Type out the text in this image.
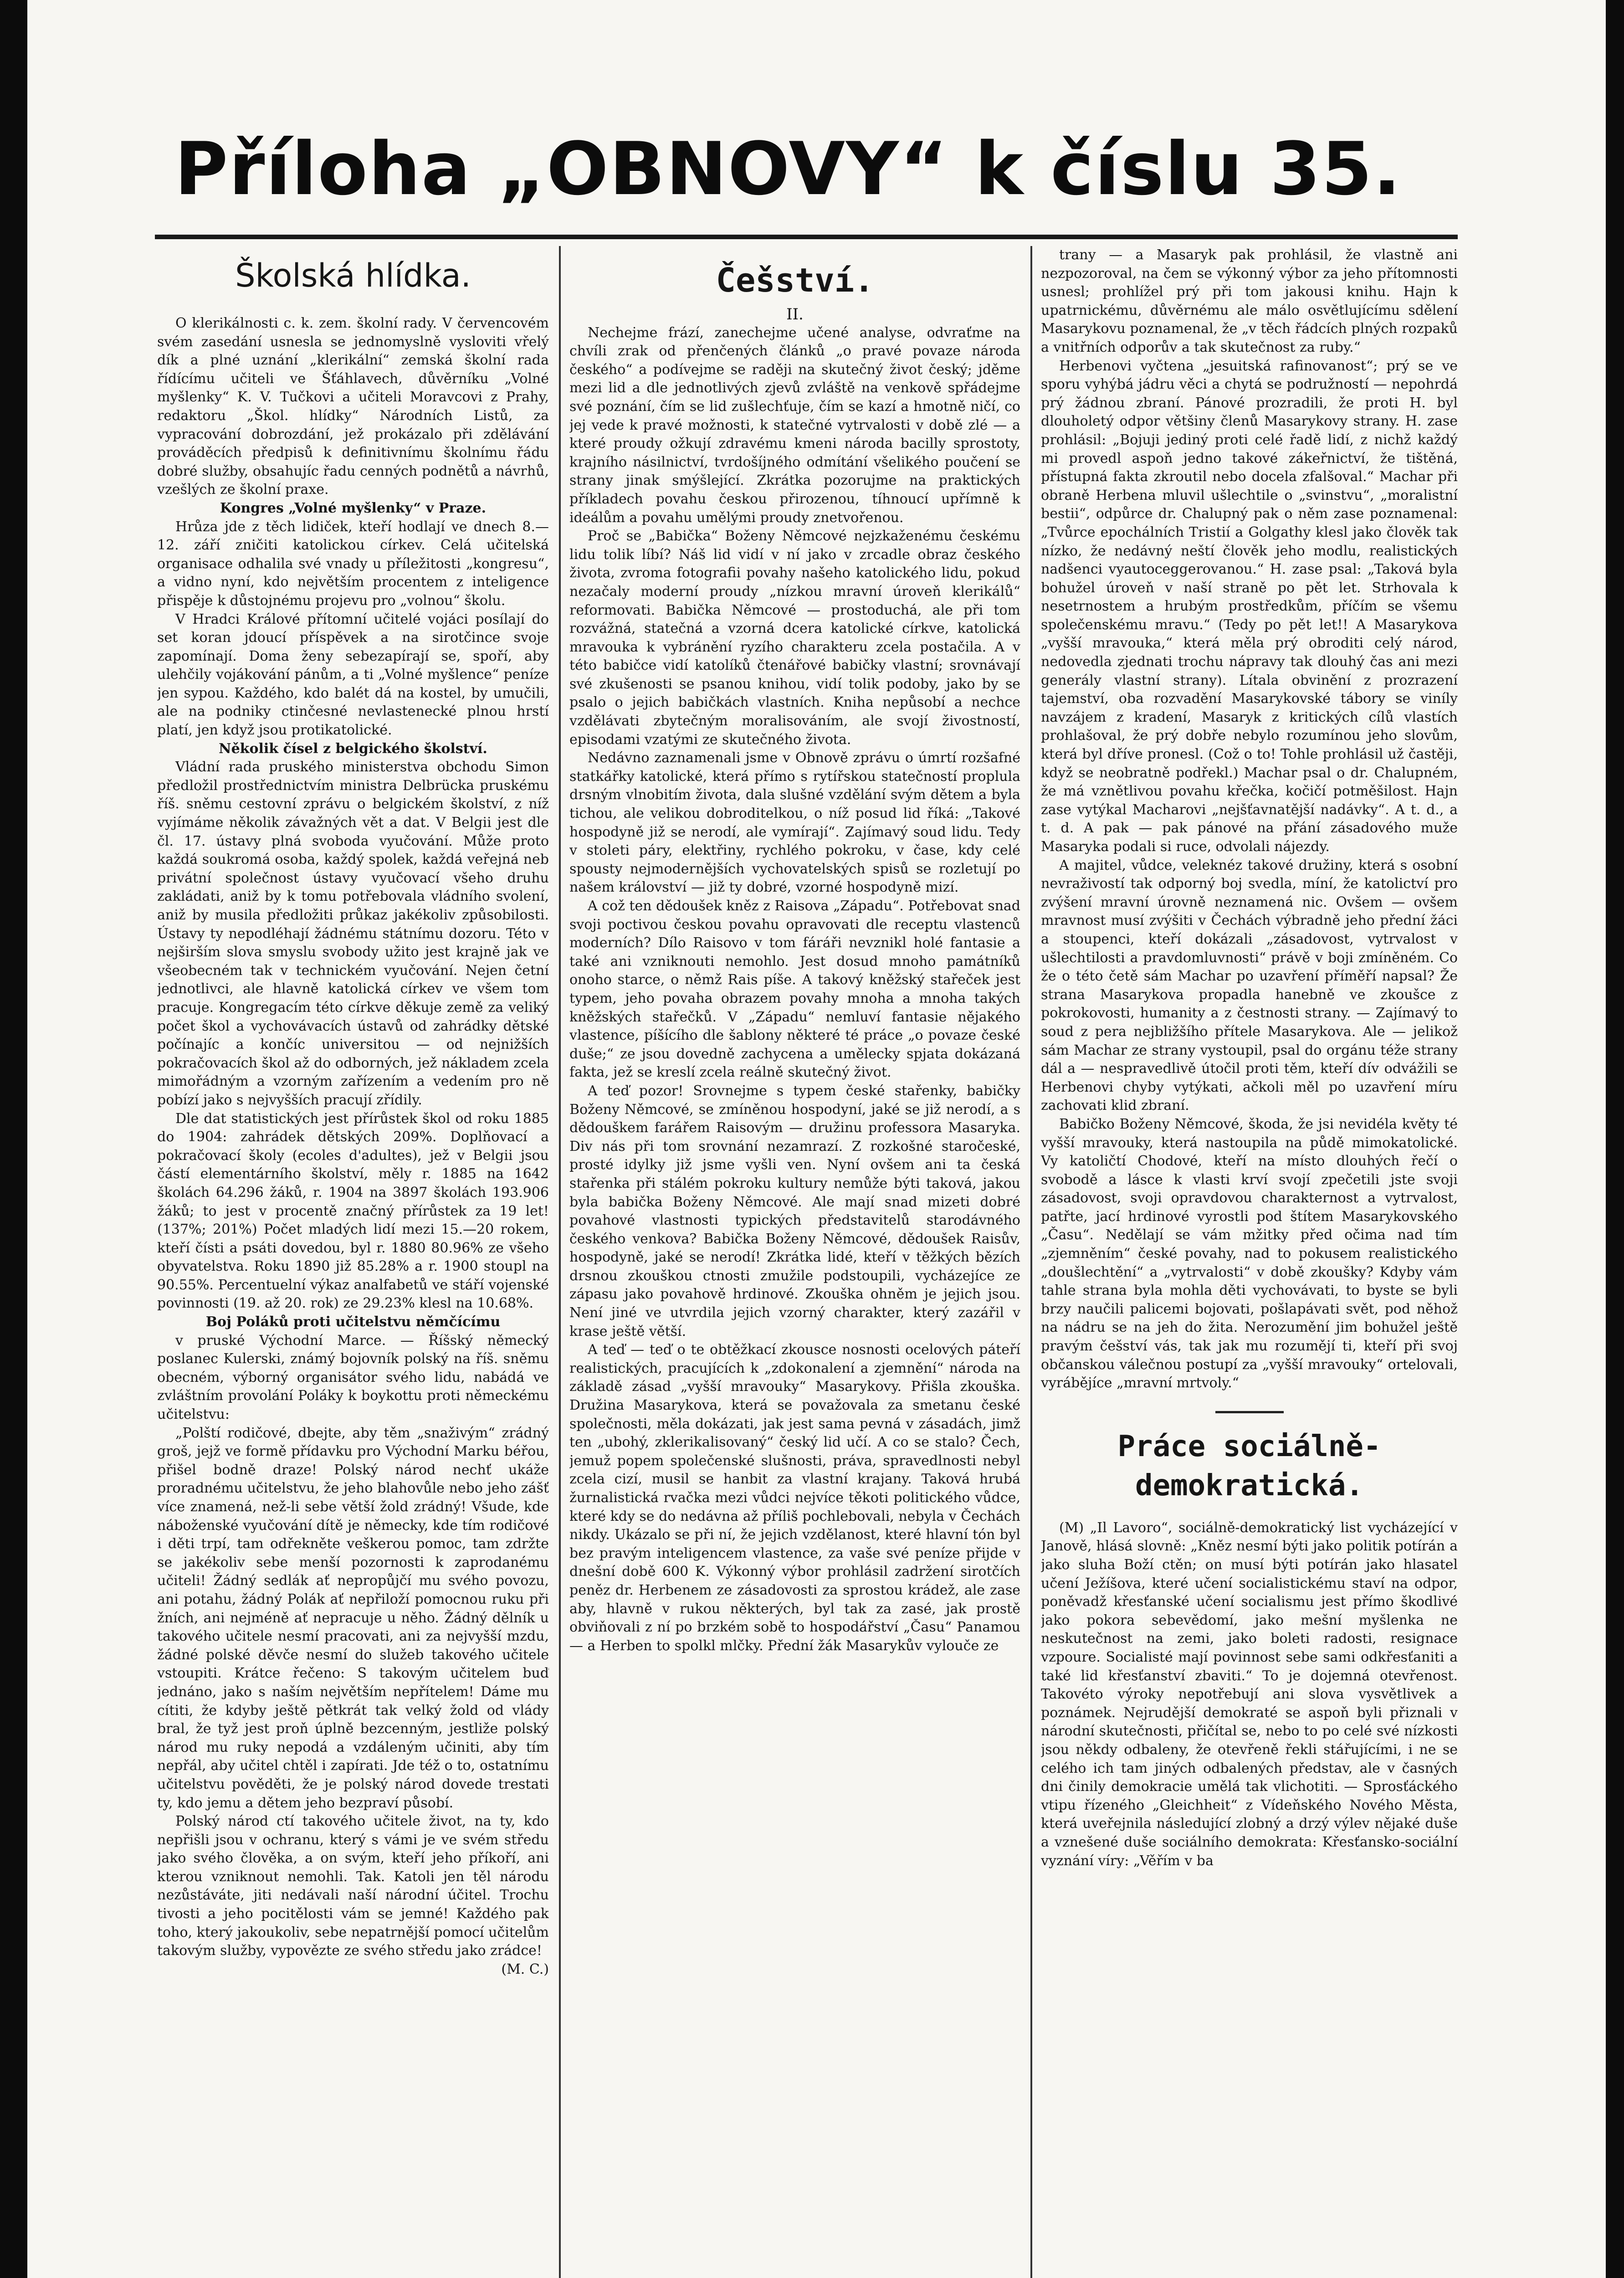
Příloha „OBNOVY“ k číslu 35.
Školská hlídka.

O klerikálnosti c. k. zem. školní rady. V červencovém svém zasedání usnesla se jednomyslně vysloviti vřelý dík a plné uznání „klerikální“ zemská školní rada řídícímu učiteli ve Šťáhlavech, důvěrníku „Volné myšlenky“ K. V. Tučkovi a učiteli Moravcovi z Prahy, redaktoru „Škol. hlídky“ Národních Listů, za vypracování dobrozdání, jež prokázalo při zdělávání prováděcích předpisů k definitivnímu školnímu řádu dobré služby, obsahujíc řadu cenných podnětů a návrhů, vzešlých ze školní praxe.

Kongres „Volné myšlenky“ v Praze.

Hrůza jde z těch lidiček, kteří hodlají ve dnech 8.—12. září zničiti katolickou církev. Celá učitelská organisace odhalila své vnady u příležitosti „kongresu“, a vidno nyní, kdo největším procentem z inteligence přispěje k důstojnému projevu pro „volnou“ školu.

V Hradci Králové přítomní učitelé vojáci posílají do set koran jdoucí příspěvek a na sirotčince svoje zapomínají. Doma ženy sebezapírají se, spoří, aby ulehčily vojákování pánům, a ti „Volné myšlence“ peníze jen sypou. Každého, kdo balét dá na kostel, by umučili, ale na podniky ctinčesné nevlastenecké plnou hrstí platí, jen když jsou protikatolické.

Několik čísel z belgického školství.

Vládní rada pruského ministerstva obchodu Simon předložil prostřednictvím ministra Delbrücka pruskému říš. sněmu cestovní zprávu o belgickém školství, z níž vyjímáme několik závažných vět a dat. V Belgii jest dle čl. 17. ústavy plná svoboda vyučování. Může proto každá soukromá osoba, každý spolek, každá veřejná neb privátní společnost ústavy vyučovací všeho druhu zakládati, aniž by k tomu potřebovala vládního svolení, aniž by musila předložiti průkaz jakékoliv způsobilosti. Ústavy ty nepodléhají žádnému státnímu dozoru. Této v nejširším slova smyslu svobody užito jest krajně jak ve všeobecném tak v technickém vyučování. Nejen četní jednotlivci, ale hlavně katolická církev ve všem tom pracuje. Kongregacím této církve děkuje země za veliký počet škol a vychovávacích ústavů od zahrádky dětské počínajíc a končíc universitou — od nejnižších pokračovacích škol až do odborných, jež nákladem zcela mimořádným a vzorným zařízením a vedením pro ně pobízí jako s nejvyšších pracují zřídily.

Dle dat statistických jest přírůstek škol od roku 1885 do 1904: zahrádek dětských 209%. Doplňovací a pokračovací školy (ecoles d'adultes), jež v Belgii jsou částí elementárního školství, měly r. 1885 na 1642 školách 64.296 žáků, r. 1904 na 3897 školách 193.906 žáků; to jest v procentě značný přírůstek za 19 let! (137%; 201%) Počet mladých lidí mezi 15.—20 rokem, kteří čísti a psáti dovedou, byl r. 1880 80.96% ze všeho obyvatelstva. Roku 1890 již 85.28% a r. 1900 stoupl na 90.55%. Percentuelní výkaz analfabetů ve stáří vojenské povinnosti (19. až 20. rok) ze 29.23% klesl na 10.68%.

Boj Poláků proti učitelstvu němčícímu

v pruské Východní Marce. — Říšský německý poslanec Kulerski, známý bojovník polský na říš. sněmu obecném, výborný organisátor svého lidu, nabádá ve zvláštním provolání Poláky k boykottu proti německému učitelstvu:

„Polští rodičové, dbejte, aby těm „snaživým“ zrádný groš, jejž ve formě přídavku pro Východní Marku béřou, přišel bodně draze! Polský národ nechť ukáže proradnému učitelstvu, že jeho blahovůle nebo jeho zášť více znamená, než-li sebe větší žold zrádný! Všude, kde náboženské vyučování dítě je německy, kde tím rodičové i děti trpí, tam odřekněte veškerou pomoc, tam zdržte se jakékoliv sebe menší pozornosti k zaprodanému učiteli! Žádný sedlák ať nepropůjčí mu svého povozu, ani potahu, žádný Polák ať nepřiloží pomocnou ruku při žních, ani nejméně ať nepracuje u něho. Žádný dělník u takového učitele nesmí pracovati, ani za nejvyšší mzdu, žádné polské děvče nesmí do služeb takového učitele vstoupiti. Krátce řečeno: S takovým učitelem buď jednáno, jako s naším největším nepřítelem! Dáme mu cítiti, že kdyby ještě pětkrát tak velký žold od vlády bral, že tyž jest proň úplně bezcenným, jestliže polský národ mu ruky nepodá a vzdáleným učiniti, aby tím nepřál, aby učitel chtěl i zapírati. Jde též o to, ostatnímu učitelstvu pověděti, že je polský národ dovede trestati ty, kdo jemu a dětem jeho bezpraví působí.

Polský národ ctí takového učitele život, na ty, kdo nepřišli jsou v ochranu, který s vámi je ve svém středu jako svého člověka, a on svým, kteří jeho příkoří, ani kterou vzniknout nemohli. Tak. Katoli jen těl národu nezůstáváte, jiti nedávali naší národní účitel. Trochu tivosti a jeho pocitělosti vám se jemné! Každého pak toho, který jakoukoliv, sebe nepatrnější pomocí učitelům takovým služby, vypovězte ze svého středu jako zrádce!

(M. C.)

Češství.

II.

Nechejme frází, zanechejme učené analyse, odvraťme na chvíli zrak od přenčených článků „o pravé povaze národa českého“ a podívejme se raději na skutečný život český; jděme mezi lid a dle jednotlivých zjevů zvláště na venkově spřádejme své poznání, čím se lid zušlechťuje, čím se kazí a hmotně ničí, co jej vede k pravé možnosti, k statečné vytrvalosti v době zlé — a které proudy ožkují zdravému kmeni národa bacilly sprostoty, krajního násilnictví, tvrdošíjného odmítání všelikého poučení se strany jinak smýšlející. Zkrátka pozorujme na praktických příkladech povahu českou přirozenou, tíhnoucí upřímně k ideálům a povahu umělými proudy znetvořenou.

Proč se „Babička“ Boženy Němcové nejzkaženému českému lidu tolik líbí? Náš lid vidí v ní jako v zrcadle obraz českého života, zvroma fotografii povahy našeho katolického lidu, pokud nezačaly moderní proudy „nízkou mravní úroveň klerikálů“ reformovati. Babička Němcové — prostoduchá, ale při tom rozvážná, statečná a vzorná dcera katolické církve, katolická mravouka k vybránění ryzího charakteru zcela postačila. A v této babičce vidí katolíků čtenářové babičky vlastní; srovnávají své zkušenosti se psanou knihou, vidí tolik podoby, jako by se psalo o jejich babičkách vlastních. Kniha nepůsobí a nechce vzdělávati zbytečným moralisováním, ale svojí živostností, episodami vzatými ze skutečného života.

Nedávno zaznamenali jsme v Obnově zprávu o úmrtí rozšafné statkářky katolické, která přímo s rytířskou statečností proplula drsným vlnobitím života, dala slušné vzdělání svým dětem a byla tichou, ale velikou dobroditelkou, o níž posud lid říká: „Takové hospodyně již se nerodí, ale vymírají“. Zajímavý soud lidu. Tedy v stoleti páry, elektřiny, rychlého pokroku, v čase, kdy celé spousty nejmodernějších vychovatelských spisů se rozletují po našem království — již ty dobré, vzorné hospodyně mizí.

A což ten dědoušek kněz z Raisova „Západu“. Potřebovat snad svoji poctivou českou povahu opravovati dle receptu vlastenců moderních? Dílo Raisovo v tom fáráři nevznikl holé fantasie a také ani vzniknouti nemohlo. Jest dosud mnoho památníků onoho starce, o němž Rais píše. A takový kněžský stařeček jest typem, jeho povaha obrazem povahy mnoha a mnoha takých kněžských stařečků. V „Západu“ nemluví fantasie nějakého vlastence, píšícího dle šablony některé té práce „o povaze české duše;“ ze jsou dovedně zachycena a umělecky spjata dokázaná fakta, jež se kreslí zcela reálně skutečný život.

A teď pozor! Srovnejme s typem české stařenky, babičky Boženy Němcové, se zmíněnou hospodyní, jaké se již nerodí, a s dědouškem farářem Raisovým — družinu professora Masaryka. Div nás při tom srovnání nezamrazí. Z rozkošné staročeské, prosté idylky již jsme vyšli ven. Nyní ovšem ani ta česká stařenka při stálém pokroku kultury nemůže býti taková, jakou byla babička Boženy Němcové. Ale mají snad mizeti dobré povahové vlastnosti typických představitelů starodávného českého venkova? Babička Boženy Němcové, dědoušek Raisův, hospodyně, jaké se nerodí! Zkrátka lidé, kteří v těžkých bězích drsnou zkouškou ctnosti zmužile podstoupili, vycházejíce ze zápasu jako povahově hrdinové. Zkouška ohněm je jejich jsou. Není jiné ve utvrdila jejich vzorný charakter, který zazářil v krase ještě větší.

A teď — teď o te obtěžkací zkousce nosnosti ocelových páteří realistických, pracujících k „zdokonalení a zjemnění“ národa na základě zásad „vyšší mravouky“ Masarykovy. Přišla zkouška. Družina Masarykova, která se považovala za smetanu české společnosti, měla dokázati, jak jest sama pevná v zásadách, jimž ten „ubohý, zklerikalisovaný“ český lid učí. A co se stalo? Čech, jemuž popem společenské slušnosti, práva, spravedlnosti nebyl zcela cizí, musil se hanbit za vlastní krajany. Taková hrubá žurnalistická rvačka mezi vůdci nejvíce těkoti politického vůdce, které kdy se do nedávna až příliš pochlebovali, nebyla v Čechách nikdy. Ukázalo se při ní, že jejich vzdělanost, které hlavní tón byl bez pravým inteligencem vlastence, za vaše své peníze přijde v dnešní době 600 K. Výkonný výbor prohlásil zadržení sirotčích peněz dr. Herbenem ze zásadovosti za sprostou krádež, ale zase aby, hlavně v rukou některých, byl tak za zasé, jak prostě obviňovali z ní po brzkém sobě to hospodářství „Času“ Panamou — a Herben to spolkl mlčky. Přední žák Masarykův vylouče ze

trany — a Masaryk pak prohlásil, že vlastně ani nezpozoroval, na čem se výkonný výbor za jeho přítomnosti usnesl; prohlížel prý při tom jakousi knihu. Hajn k upatrnickému, důvěrnému ale málo osvětlujícímu sdělení Masarykovu poznamenal, že „v těch řádcích plných rozpaků a vnitřních odporův a tak skutečnost za ruby.“

Herbenovi vyčtena „jesuitská rafinovanost“; prý se ve sporu vyhýbá jádru věci a chytá se podružností — nepohrdá prý žádnou zbraní. Pánové prozradili, že proti H. byl dlouholetý odpor většiny členů Masarykovy strany. H. zase prohlásil: „Bojuji jediný proti celé řadě lidí, z nichž každý mi provedl aspoň jedno takové zákeřnictví, že tištěná, přístupná fakta zkroutil nebo docela zfalšoval.“ Machar při obraně Herbena mluvil ušlechtile o „svinstvu“, „moralistní bestii“, odpůrce dr. Chalupný pak o něm zase poznamenal: „Tvůrce epochálních Tristií a Golgathy klesl jako člověk tak nízko, že nedávný neští člověk jeho modlu, realistických nadšenci vyautoceggerovanou.“ H. zase psal: „Taková byla bohužel úroveň v naší straně po pět let. Strhovala k nesetrnostem a hrubým prostředkům, příčím se všemu společenskému mravu.“ (Tedy po pět let!! A Masarykova „vyšší mravouka,“ která měla prý obroditi celý národ, nedovedla zjednati trochu nápravy tak dlouhý čas ani mezi generály vlastní strany). Lítala obvinění z prozrazení tajemství, oba rozvadění Masarykovské tábory se viníly navzájem z kradení, Masaryk z kritických cílů vlastích prohlašoval, že prý dobře nebylo rozumínou jeho slovům, která byl dříve pronesl. (Což o to! Tohle prohlásil už častěji, když se neobratně podřekl.) Machar psal o dr. Chalupném, že má vznětlivou povahu křečka, kočičí potměšilost. Hajn zase vytýkal Macharovi „nejšťavnatější nadávky“. A t. d., a t. d. A pak — pak pánové na přání zásadového muže Masaryka podali si ruce, odvolali nájezdy.

A majitel, vůdce, veleknéz takové družiny, která s osobní nevraživostí tak odporný boj svedla, míní, že katolictví pro zvýšení mravní úrovně neznamená nic. Ovšem — ovšem mravnost musí zvýšiti v Čechách výbradně jeho přední žáci a stoupenci, kteří dokázali „zásadovost, vytrvalost v ušlechtilosti a pravdomluvnosti“ právě v boji zmíněném. Co že o této četě sám Machar po uzavření příměří napsal? Že strana Masarykova propadla hanebně ve zkoušce z pokrokovosti, humanity a z čestnosti strany. — Zajímavý to soud z pera nejbližšího přítele Masarykova. Ale — jelikož sám Machar ze strany vystoupil, psal do orgánu téže strany dál a — nespravedlivě útočil proti těm, kteří dív odvážili se Herbenovi chyby vytýkati, ačkoli měl po uzavření míru zachovati klid zbraní.

Babičko Boženy Němcové, škoda, že jsi nevidéla květy té vyšší mravouky, která nastoupila na půdě mimokatolické. Vy katoličtí Chodové, kteří na místo dlouhých řečí o svobodě a lásce k vlasti krví svojí zpečetili jste svoji zásadovost, svoji opravdovou charakternost a vytrvalost, patřte, jací hrdinové vyrostli pod štítem Masarykovského „Času“. Nedělají se vám mžitky před očima nad tím „zjemněním“ české povahy, nad to pokusem realistického „doušlechtění“ a „vytrvalosti“ v době zkoušky? Kdyby vám tahle strana byla mohla děti vychovávati, to byste se byli brzy naučili palicemi bojovati, pošlapávati svět, pod něhož na nádru se na jeh do žita. Nerozumění jim bohužel ještě pravým češství vás, tak jak mu rozumějí ti, kteří při svoj občanskou válečnou postupí za „vyšší mravouky“ ortelovali, vyrábějíce „mravní mrtvoly.“

Práce sociálně-demokratická.

(M) „Il Lavoro“, sociálně-demokratický list vycházející v Janově, hlásá slovně: „Kněz nesmí býti jako politik potírán a jako sluha Boží ctěn; on musí býti potírán jako hlasatel učení Ježíšova, které učení socialistickému staví na odpor, poněvadž křesťanské učení socialismu jest přímo škodlivé jako pokora sebevědomí, jako mešní myšlenka ne neskutečnost na zemi, jako boleti radosti, resignace vzpoure. Socialisté mají povinnost sebe sami odkřesťaniti a také lid křesťanství zbaviti.“ To je dojemná otevřenost. Takovéto výroky nepotřebují ani slova vysvětlivek a poznámek. Nejrudější demokraté se aspoň byli přiznali v národní skutečnosti, přičítal se, nebo to po celé své nízkosti jsou někdy odbaleny, že otevřeně řekli stářujícími, i ne se celého ich tam jiných odbalených představ, ale v časných dni činily demokracie umělá tak vlichotiti. — Sprosťáckého vtipu řízeného „Gleichheit“ z Vídeňského Nového Města, která uveřejnila následující zlobný a drzý výlev nějaké duše a vznešené duše sociálního demokrata: Křesťansko-sociální vyznání víry: „Věřím v ba
